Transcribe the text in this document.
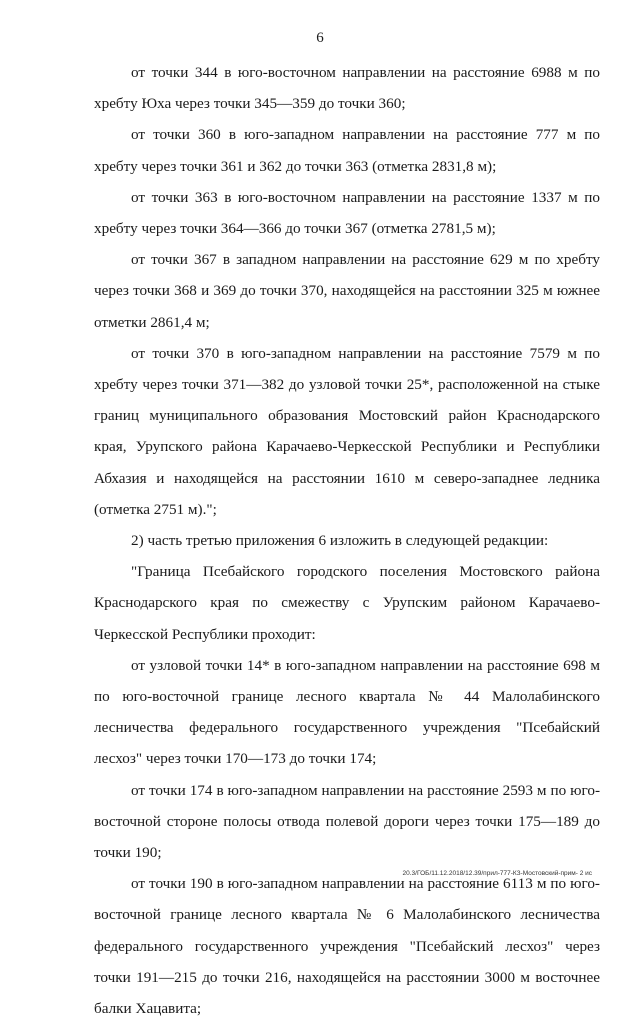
6

от точки 344 в юго-восточном направлении на расстояние 6988 м по хребту Юха через точки 345—359 до точки 360;

от точки 360 в юго-западном направлении на расстояние 777 м по хребту через точки 361 и 362 до точки 363 (отметка 2831,8 м);

от точки 363 в юго-восточном направлении на расстояние 1337 м по хребту через точки 364—366 до точки 367 (отметка 2781,5 м);

от точки 367 в западном направлении на расстояние 629 м по хребту через точки 368 и 369 до точки 370, находящейся на расстоянии 325 м южнее отметки 2861,4 м;

от точки 370 в юго-западном направлении на расстояние 7579 м по хребту через точки 371—382 до узловой точки 25*, расположенной на стыке границ муниципального образования Мостовский район Краснодарского края, Урупского района Карачаево-Черкесской Республики и Республики Абхазия и находящейся на расстоянии 1610 м северо-западнее ледника (отметка 2751 м).";

2) часть третью приложения 6 изложить в следующей редакции:

"Граница Псебайского городского поселения Мостовского района Краснодарского края по смежеству с Урупским районом Карачаево-Черкесской Республики проходит:

от узловой точки 14* в юго-западном направлении на расстояние 698 м по юго-восточной границе лесного квартала № 44 Малолабинского лесничества федерального государственного учреждения "Псебайский лесхоз" через точки 170—173 до точки 174;

от точки 174 в юго-западном направлении на расстояние 2593 м по юго-восточной стороне полосы отвода полевой дороги через точки 175—189 до точки 190;

от точки 190 в юго-западном направлении на расстояние 6113 м по юго-восточной границе лесного квартала № 6 Малолабинского лесничества федерального государственного учреждения "Псебайский лесхоз" через точки 191—215 до точки 216, находящейся на расстоянии 3000 м восточнее балки Хацавита;

20.3/ГОБ/11.12.2018/12.39/прил-777-КЗ-Мостовский-прим- 2 ис
